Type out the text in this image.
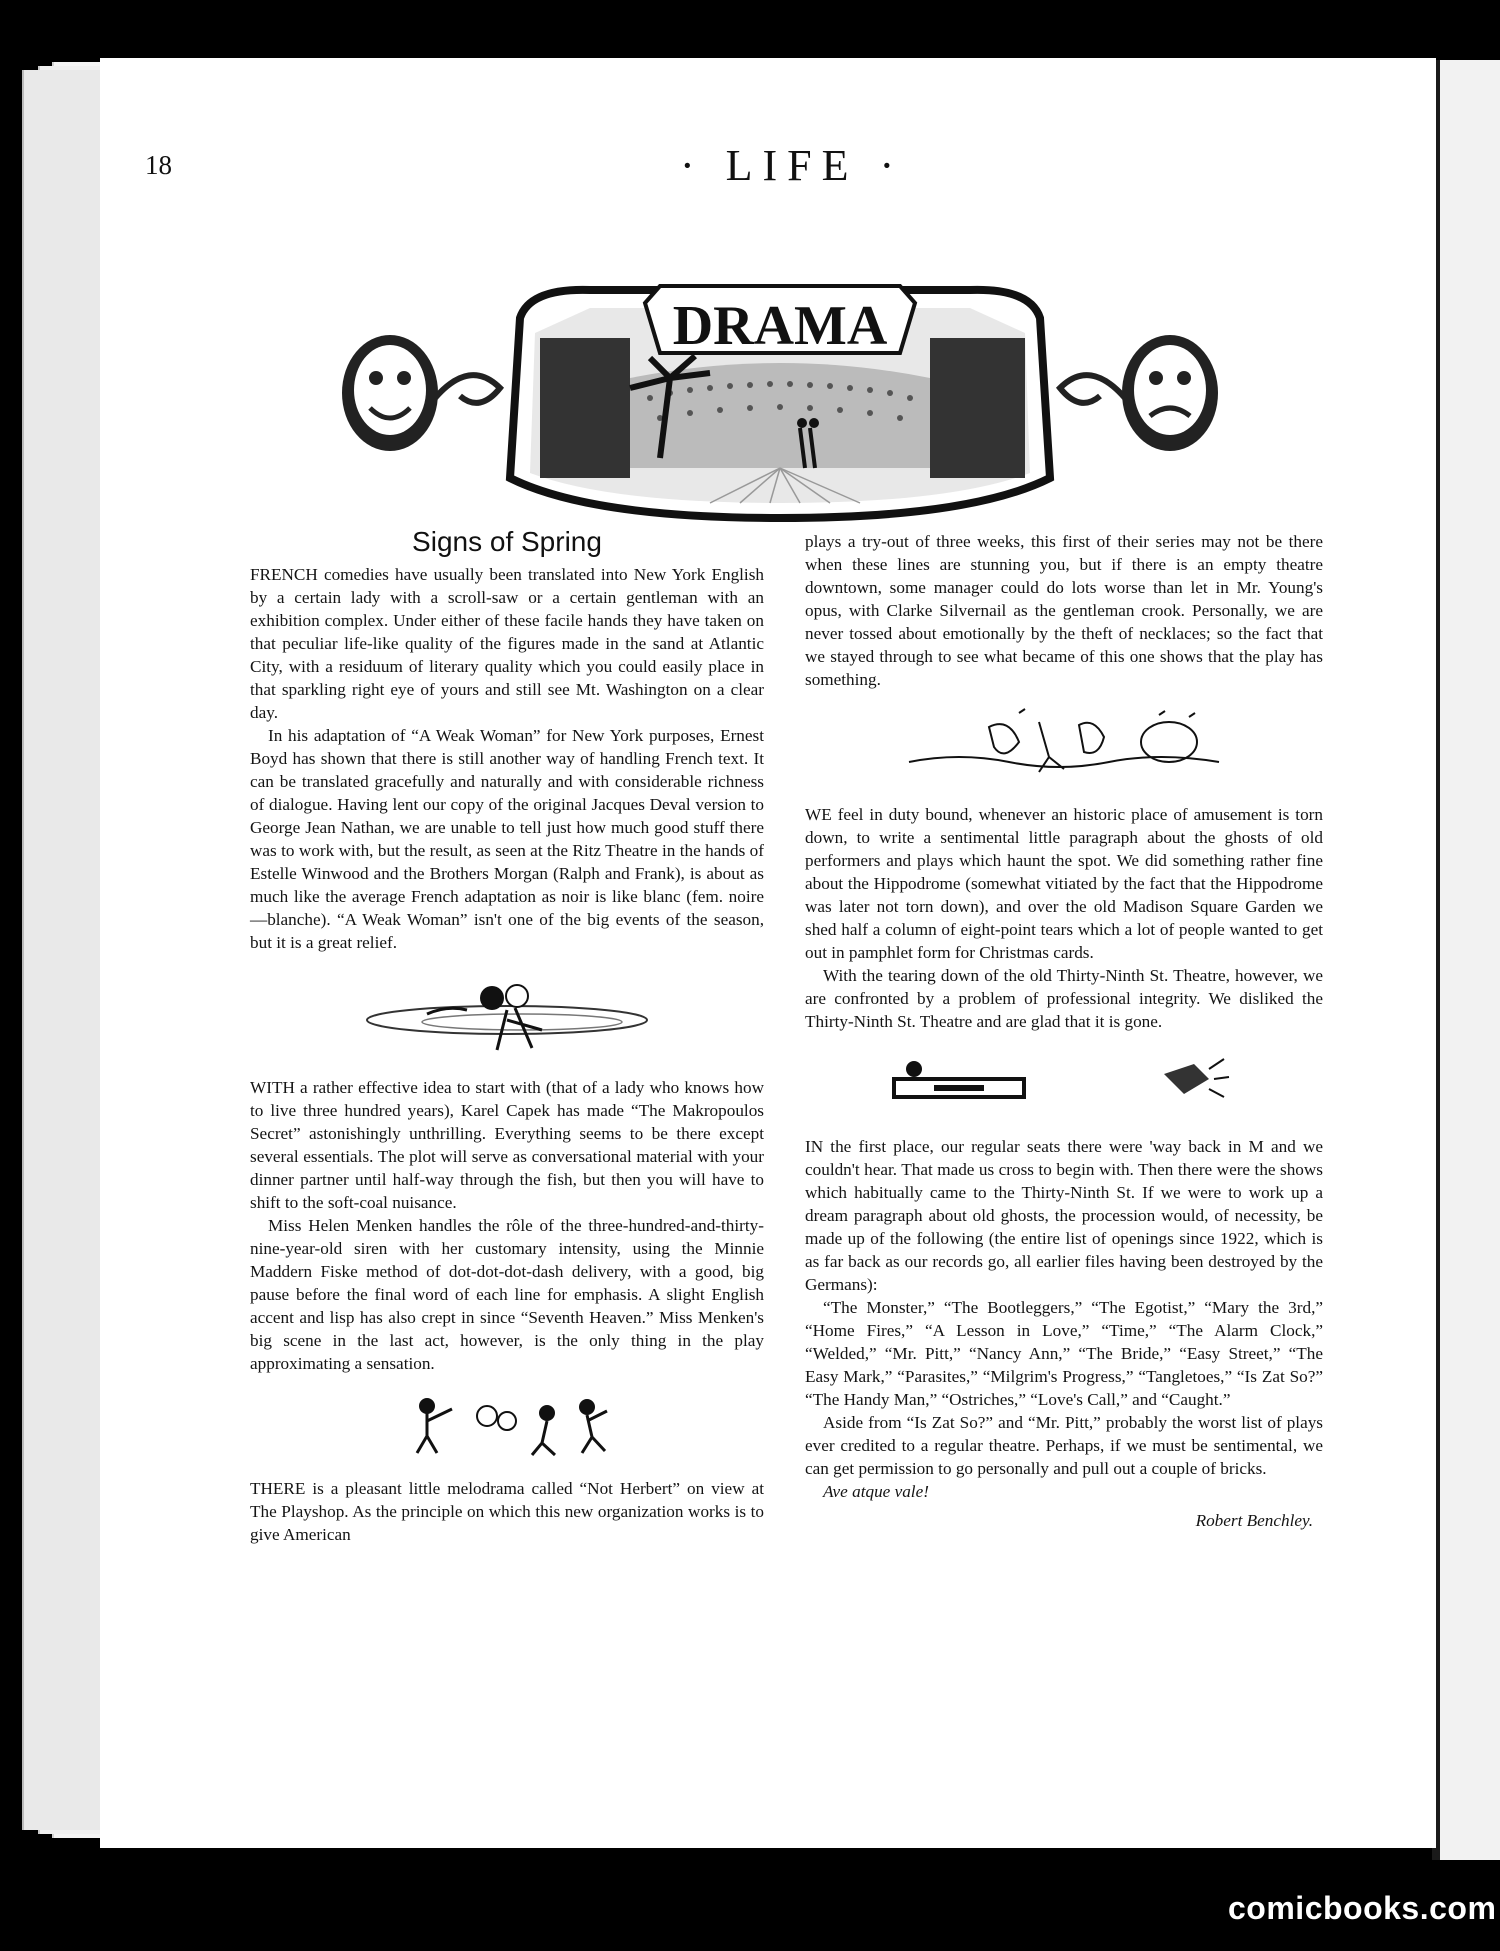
18	· LIFE ·
DRAMA
Signs of Spring

FRENCH comedies have usually been translated into New York English by a certain lady with a scroll-saw or a certain gentleman with an exhibition complex. Under either of these facile hands they have taken on that peculiar life-like quality of the figures made in the sand at Atlantic City, with a residuum of literary quality which you could easily place in that sparkling right eye of yours and still see Mt. Washington on a clear day.

In his adaptation of “A Weak Woman” for New York purposes, Ernest Boyd has shown that there is still another way of handling French text. It can be translated gracefully and naturally and with considerable richness of dialogue. Having lent our copy of the original Jacques Deval version to George Jean Nathan, we are unable to tell just how much good stuff there was to work with, but the result, as seen at the Ritz Theatre in the hands of Estelle Winwood and the Brothers Morgan (Ralph and Frank), is about as much like the average French adaptation as noir is like blanc (fem. noire—blanche). “A Weak Woman” isn't one of the big events of the season, but it is a great relief.

WITH a rather effective idea to start with (that of a lady who knows how to live three hundred years), Karel Capek has made “The Makropoulos Secret” astonishingly unthrilling. Everything seems to be there except several essentials. The plot will serve as conversational material with your dinner partner until half-way through the fish, but then you will have to shift to the soft-coal nuisance.

Miss Helen Menken handles the rôle of the three-hundred-and-thirty-nine-year-old siren with her customary intensity, using the Minnie Maddern Fiske method of dot-dot-dot-dash delivery, with a good, big pause before the final word of each line for emphasis. A slight English accent and lisp has also crept in since “Seventh Heaven.” Miss Menken's big scene in the last act, however, is the only thing in the play approximating a sensation.

THERE is a pleasant little melodrama called “Not Herbert” on view at The Playshop. As the principle on which this new organization works is to give American

plays a try-out of three weeks, this first of their series may not be there when these lines are stunning you, but if there is an empty theatre downtown, some manager could do lots worse than let in Mr. Young's opus, with Clarke Silvernail as the gentleman crook. Personally, we are never tossed about emotionally by the theft of necklaces; so the fact that we stayed through to see what became of this one shows that the play has something.

WE feel in duty bound, whenever an historic place of amusement is torn down, to write a sentimental little paragraph about the ghosts of old performers and plays which haunt the spot. We did something rather fine about the Hippodrome (somewhat vitiated by the fact that the Hippodrome was later not torn down), and over the old Madison Square Garden we shed half a column of eight-point tears which a lot of people wanted to get out in pamphlet form for Christmas cards.

With the tearing down of the old Thirty-Ninth St. Theatre, however, we are confronted by a problem of professional integrity. We disliked the Thirty-Ninth St. Theatre and are glad that it is gone.

IN the first place, our regular seats there were 'way back in M and we couldn't hear. That made us cross to begin with. Then there were the shows which habitually came to the Thirty-Ninth St. If we were to work up a dream paragraph about old ghosts, the procession would, of necessity, be made up of the following (the entire list of openings since 1922, which is as far back as our records go, all earlier files having been destroyed by the Germans):

“The Monster,” “The Bootleggers,” “The Egotist,” “Mary the 3rd,” “Home Fires,” “A Lesson in Love,” “Time,” “The Alarm Clock,” “Welded,” “Mr. Pitt,” “Nancy Ann,” “The Bride,” “Easy Street,” “The Easy Mark,” “Parasites,” “Milgrim's Progress,” “Tangletoes,” “Is Zat So?” “The Handy Man,” “Ostriches,” “Love's Call,” and “Caught.”

Aside from “Is Zat So?” and “Mr. Pitt,” probably the worst list of plays ever credited to a regular theatre. Perhaps, if we must be sentimental, we can get permission to go personally and pull out a couple of bricks.

Ave atque vale!

Robert Benchley.
comicbooks.com
